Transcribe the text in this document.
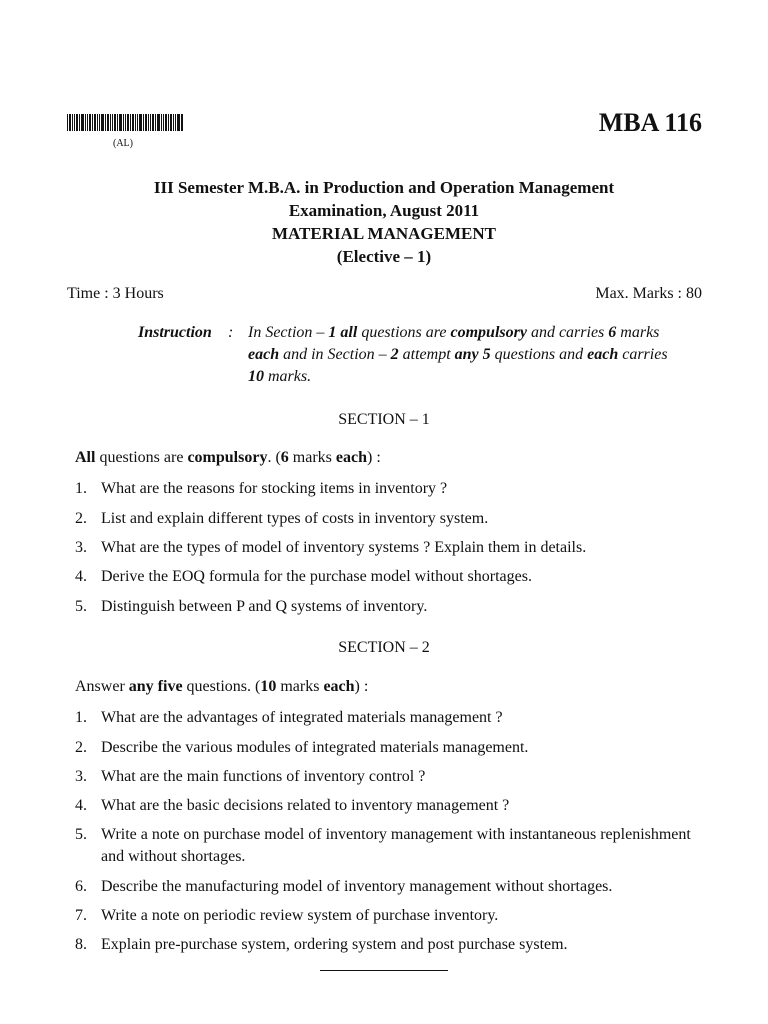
(AL)
MBA 116
III Semester M.B.A. in Production and Operation Management
Examination, August 2011
MATERIAL MANAGEMENT
(Elective – 1)
Time : 3 Hours	Max. Marks : 80
Instruction : In Section – 1 all questions are compulsory and carries 6 marks each and in Section – 2 attempt any 5 questions and each carries 10 marks.
SECTION – 1
All questions are compulsory. (6 marks each) :
1. What are the reasons for stocking items in inventory ?
2. List and explain different types of costs in inventory system.
3. What are the types of model of inventory systems ? Explain them in details.
4. Derive the EOQ formula for the purchase model without shortages.
5. Distinguish between P and Q systems of inventory.
SECTION – 2
Answer any five questions. (10 marks each) :
1. What are the advantages of integrated materials management ?
2. Describe the various modules of integrated materials management.
3. What are the main functions of inventory control ?
4. What are the basic decisions related to inventory management ?
5. Write a note on purchase model of inventory management with instantaneous replenishment and without shortages.
6. Describe the manufacturing model of inventory management without shortages.
7. Write a note on periodic review system of purchase inventory.
8. Explain pre-purchase system, ordering system and post purchase system.
